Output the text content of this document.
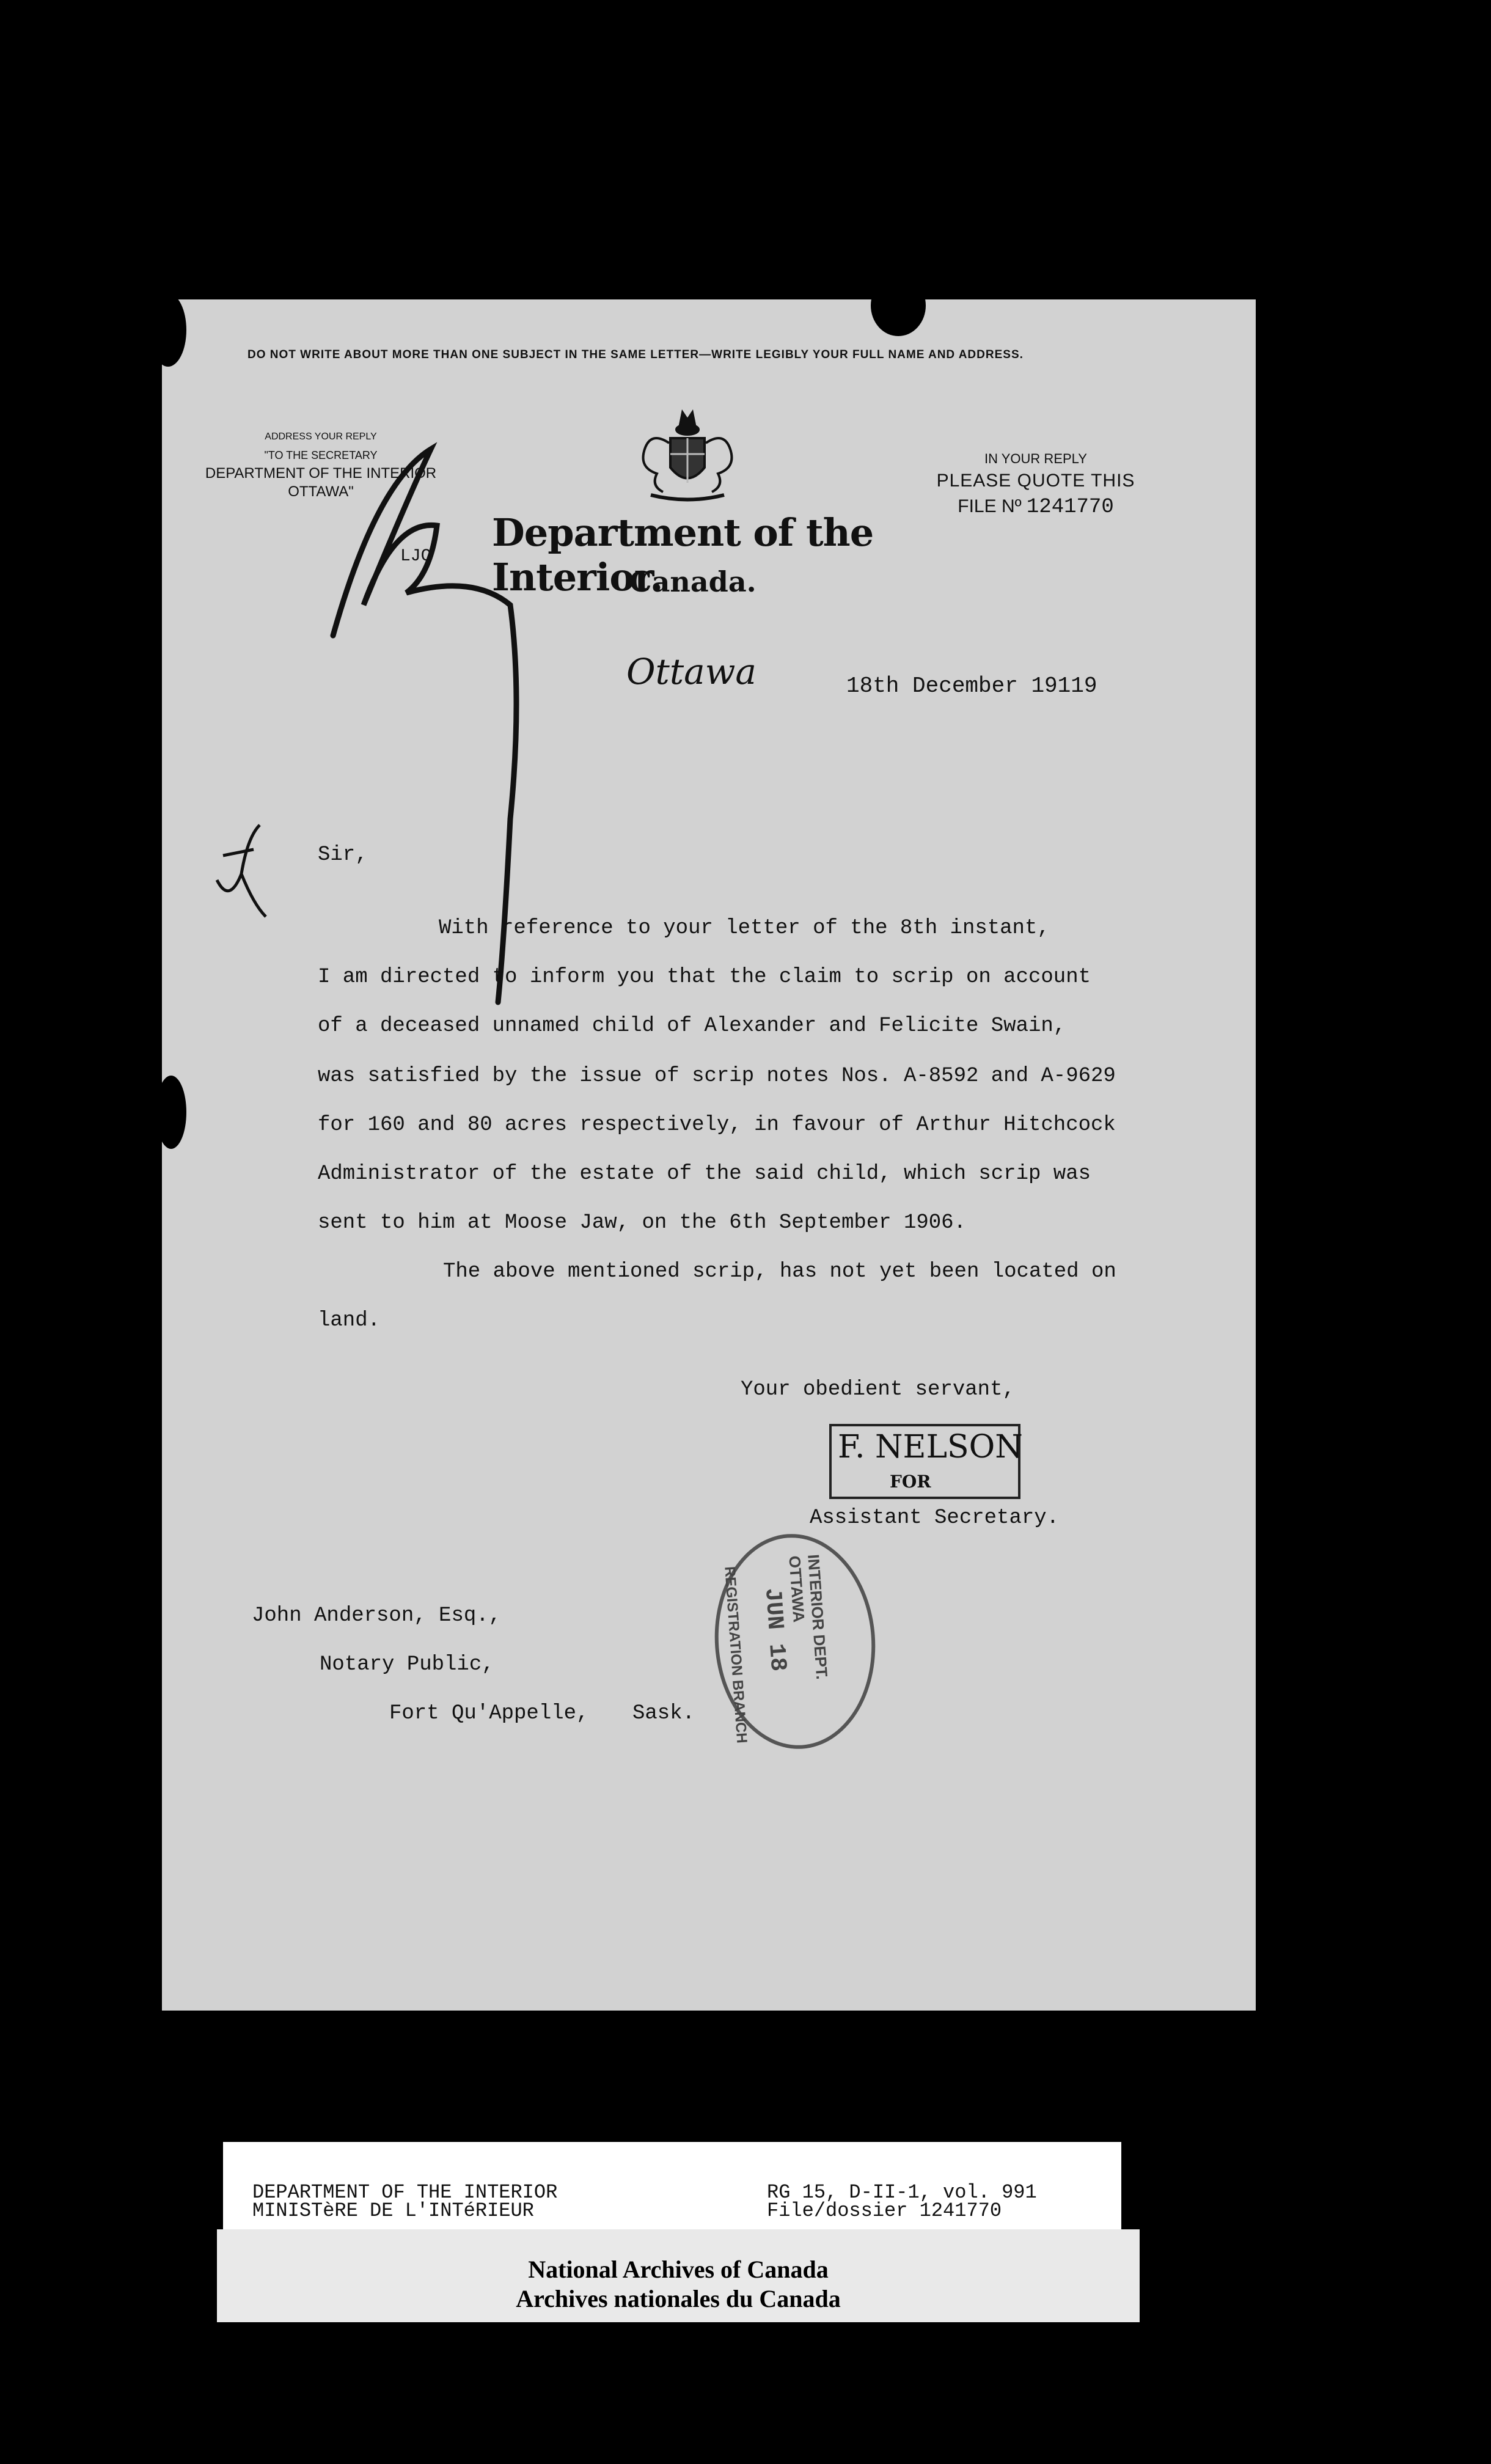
DO NOT WRITE ABOUT MORE THAN ONE SUBJECT IN THE SAME LETTER—WRITE LEGIBLY YOUR FULL NAME AND ADDRESS.
ADDRESS YOUR REPLY
"TO THE SECRETARY
DEPARTMENT OF THE INTERIOR
OTTAWA"
IN YOUR REPLY
PLEASE QUOTE THIS
FILE Nº 1241770
LJC
Department of the Interior.
Canada.
Ottawa	18th December 19119
Sir,
With reference to your letter of the 8th instant,
I am directed to inform you that the claim to scrip on account
of a deceased unnamed child of Alexander and Felicite Swain,
was satisfied by the issue of scrip notes Nos. A-8592 and A-9629
for 160 and 80 acres respectively, in favour of Arthur Hitchcock
Administrator of the estate of the said child, which scrip was
sent to him at Moose Jaw, on the 6th September 1906.
The above mentioned scrip, has not yet been located on
land.
Your obedient servant,
F. NELSON
FOR
Assistant Secretary.
INTERIOR DEPT. OTTAWA
JUN 18
REGISTRATION BRANCH
John Anderson, Esq.,
Notary Public,
Fort Qu'Appelle, Sask.
DEPARTMENT OF THE INTERIOR
MINISTèRE DE L'INTéRIEUR
RG 15, D-II-1, vol. 991
File/dossier 1241770
National Archives of Canada
Archives nationales du Canada
